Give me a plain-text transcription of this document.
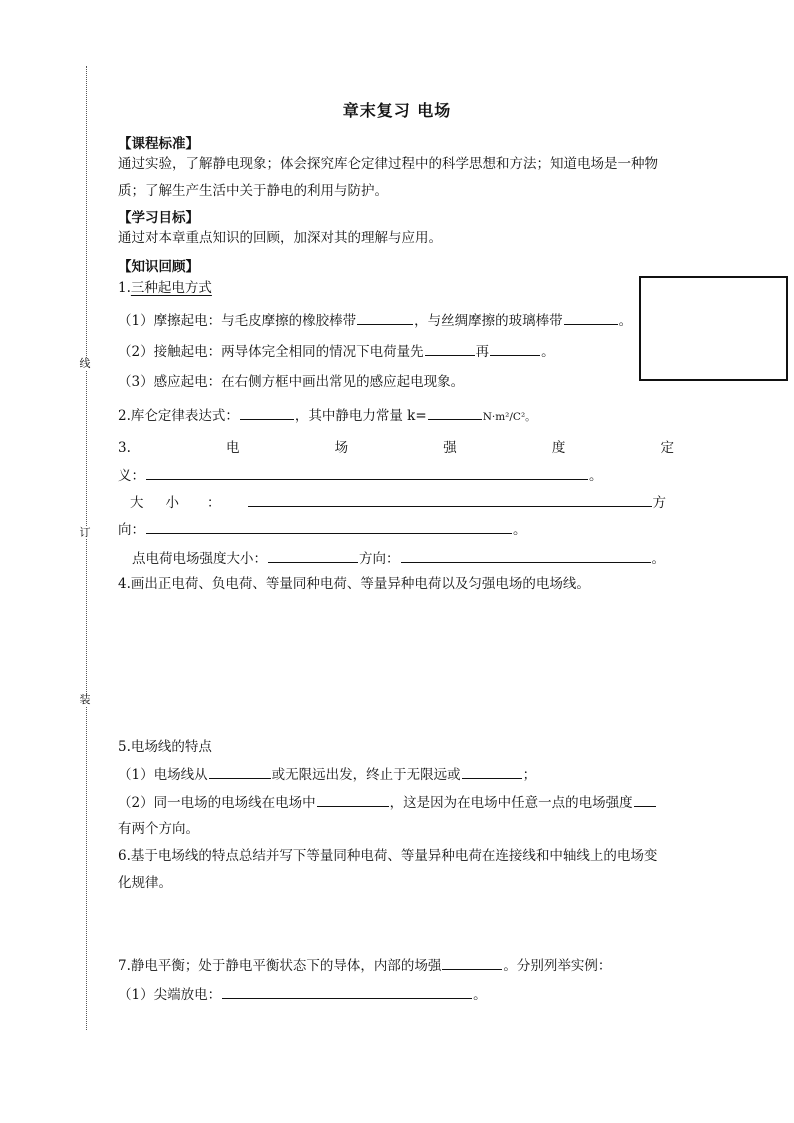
线
订
装
章末复习 电场
【课程标准】
通过实验，了解静电现象；体会探究库仑定律过程中的科学思想和方法；知道电场是一种物
质；了解生产生活中关于静电的利用与防护。
【学习目标】
通过对本章重点知识的回顾，加深对其的理解与应用。
【知识回顾】
1.三种起电方式
（1）摩擦起电：与毛皮摩擦的橡胶棒带	，与丝绸摩擦的玻璃棒带	。
（2）接触起电：两导体完全相同的情况下电荷量先	再	。
（3）感应起电：在右侧方框中画出常见的感应起电现象。
2.库仑定律表达式：	，其中静电力常量 k=	N·m²/C²。
3.	电	场	强	度	定
义：	。
大 小 ：	方
向：	。
点电荷电场强度大小：	方向：	。
4.画出正电荷、负电荷、等量同种电荷、等量异种电荷以及匀强电场的电场线。
5.电场线的特点
（1）电场线从	或无限远出发，终止于无限远或	；
（2）同一电场的电场线在电场中	，这是因为在电场中任意一点的电场强度
有两个方向。
6.基于电场线的特点总结并写下等量同种电荷、等量异种电荷在连接线和中轴线上的电场变
化规律。
7.静电平衡；处于静电平衡状态下的导体，内部的场强	。分别列举实例：
（1）尖端放电：	。
